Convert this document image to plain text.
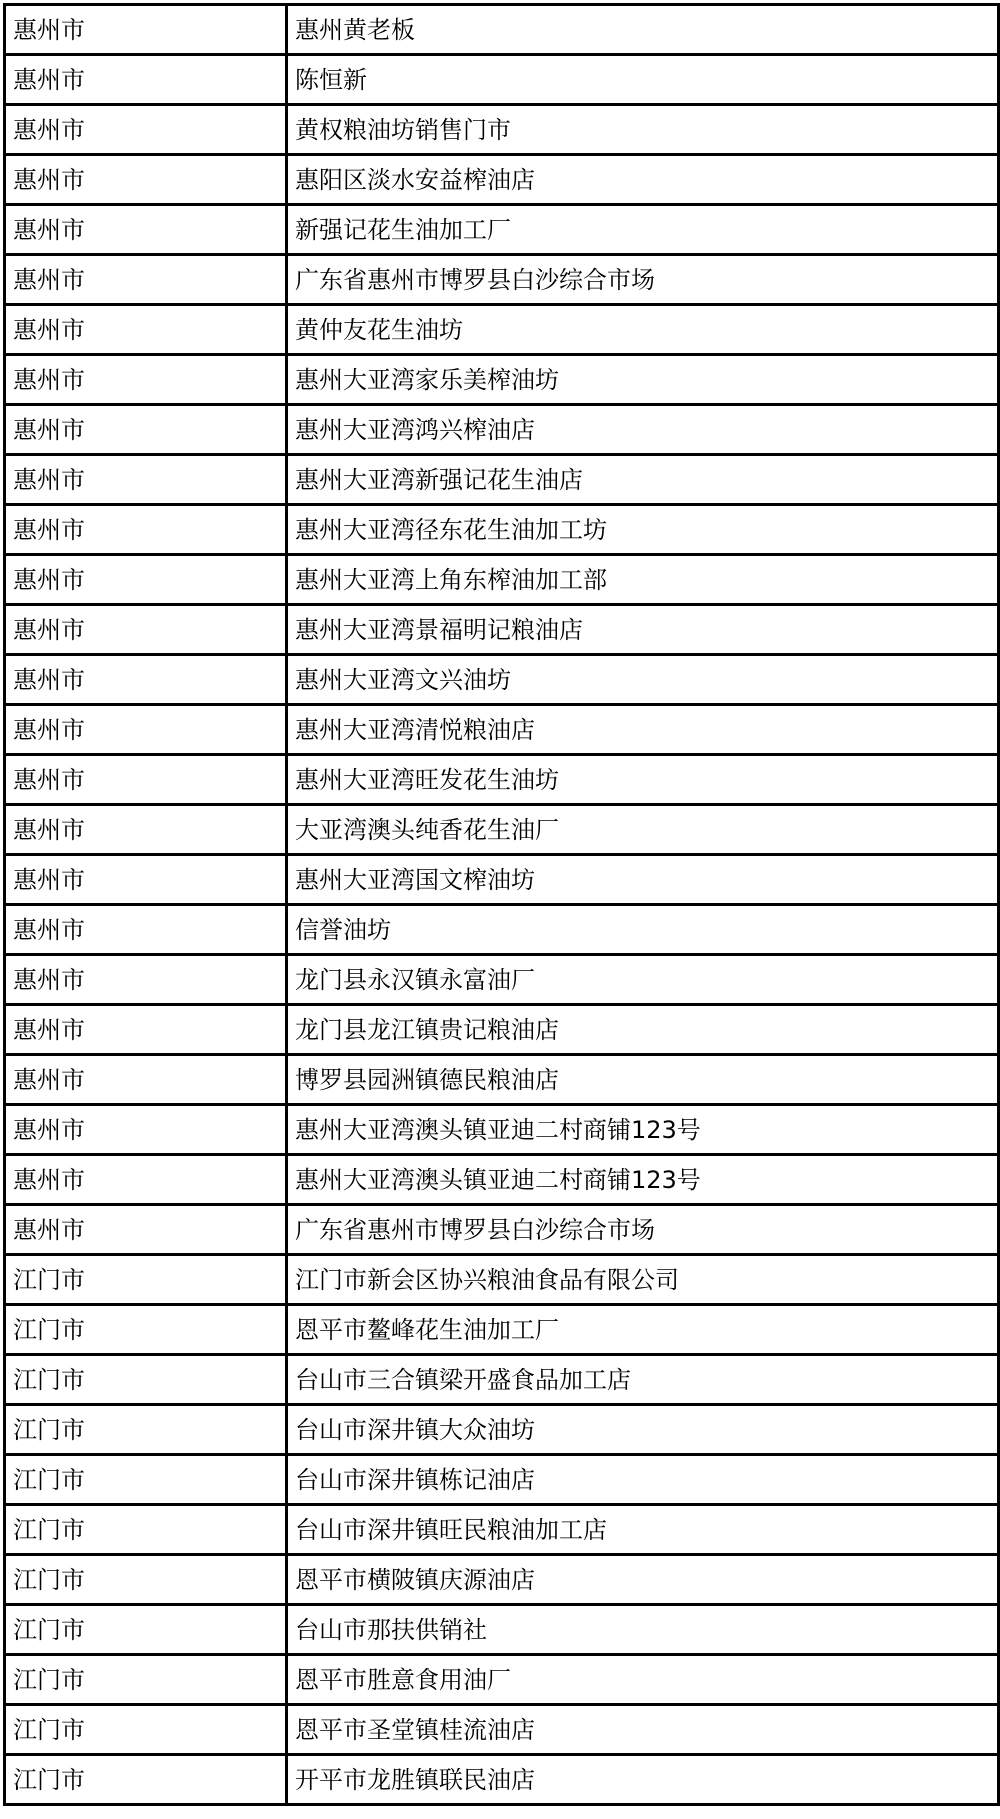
惠州市	惠州黄老板
惠州市	陈恒新
惠州市	黄权粮油坊销售门市
惠州市	惠阳区淡水安益榨油店
惠州市	新强记花生油加工厂
惠州市	广东省惠州市博罗县白沙综合市场
惠州市	黄仲友花生油坊
惠州市	惠州大亚湾家乐美榨油坊
惠州市	惠州大亚湾鸿兴榨油店
惠州市	惠州大亚湾新强记花生油店
惠州市	惠州大亚湾径东花生油加工坊
惠州市	惠州大亚湾上角东榨油加工部
惠州市	惠州大亚湾景福明记粮油店
惠州市	惠州大亚湾文兴油坊
惠州市	惠州大亚湾清悦粮油店
惠州市	惠州大亚湾旺发花生油坊
惠州市	大亚湾澳头纯香花生油厂
惠州市	惠州大亚湾国文榨油坊
惠州市	信誉油坊
惠州市	龙门县永汉镇永富油厂
惠州市	龙门县龙江镇贵记粮油店
惠州市	博罗县园洲镇德民粮油店
惠州市	惠州大亚湾澳头镇亚迪二村商铺123号
惠州市	惠州大亚湾澳头镇亚迪二村商铺123号
惠州市	广东省惠州市博罗县白沙综合市场
江门市	江门市新会区协兴粮油食品有限公司
江门市	恩平市鳌峰花生油加工厂
江门市	台山市三合镇梁开盛食品加工店
江门市	台山市深井镇大众油坊
江门市	台山市深井镇栋记油店
江门市	台山市深井镇旺民粮油加工店
江门市	恩平市横陂镇庆源油店
江门市	台山市那扶供销社
江门市	恩平市胜意食用油厂
江门市	恩平市圣堂镇桂流油店
江门市	开平市龙胜镇联民油店
